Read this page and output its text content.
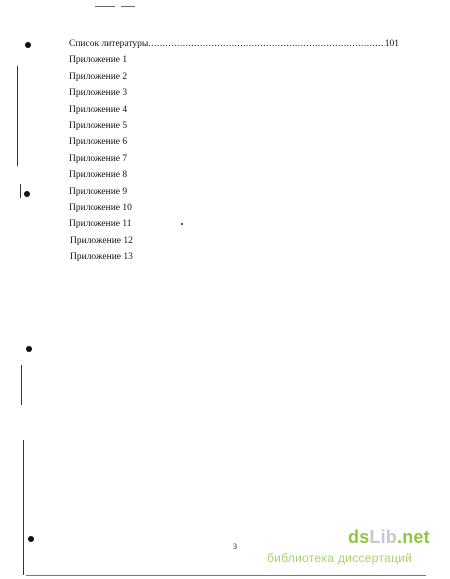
Список литературы
.....	101
Приложение 1
Приложение 2
Приложение 3
Приложение 4
Приложение 5
Приложение 6
Приложение 7
Приложение 8
Приложение 9
Приложение 10
Приложение 11
Приложение 12
Приложение 13
3	dsLib.net
библиотека диссертаций
